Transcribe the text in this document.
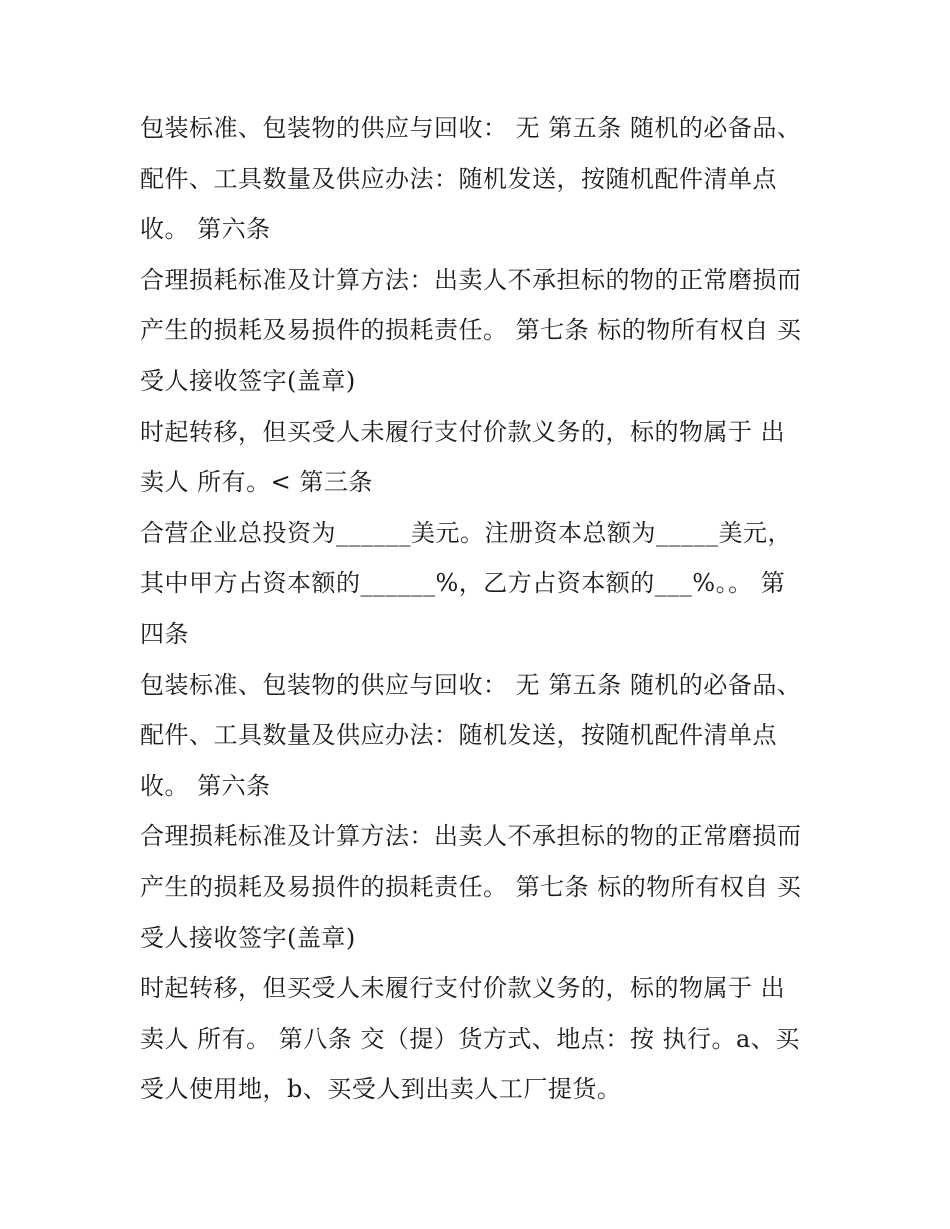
包装标准、包装物的供应与回收： 无 第五条 随机的必备品、
配件、工具数量及供应办法：随机发送，按随机配件清单点
收。 第六条
合理损耗标准及计算方法：出卖人不承担标的物的正常磨损而
产生的损耗及易损件的损耗责任。 第七条 标的物所有权自 买
受人接收签字(盖章)
时起转移，但买受人未履行支付价款义务的，标的物属于 出
卖人 所有。< 第三条
合营企业总投资为______美元。注册资本总额为_____美元，
其中甲方占资本额的______%，乙方占资本额的___%。。 第
四条
包装标准、包装物的供应与回收： 无 第五条 随机的必备品、
配件、工具数量及供应办法：随机发送，按随机配件清单点
收。 第六条
合理损耗标准及计算方法：出卖人不承担标的物的正常磨损而
产生的损耗及易损件的损耗责任。 第七条 标的物所有权自 买
受人接收签字(盖章)
时起转移，但买受人未履行支付价款义务的，标的物属于 出
卖人 所有。 第八条 交（提）货方式、地点：按 执行。a、买
受人使用地，b、买受人到出卖人工厂提货。
